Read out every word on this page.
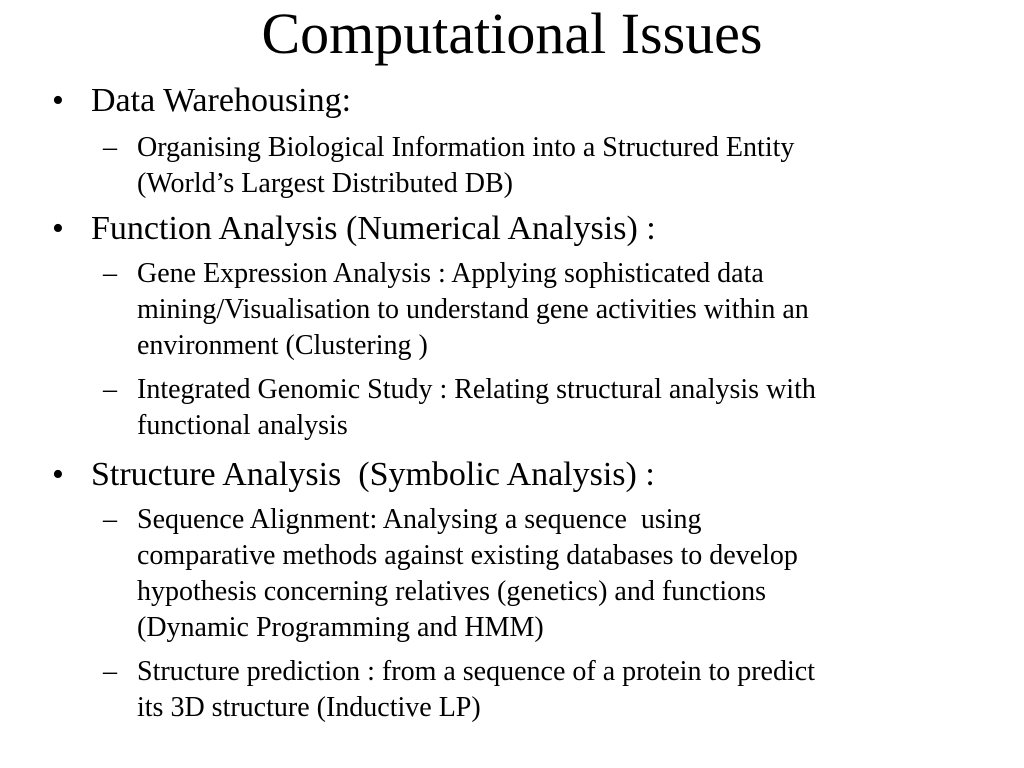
Computational Issues
• Data Warehousing:
– Organising Biological Information into a Structured Entity
(World’s Largest Distributed DB)
• Function Analysis (Numerical Analysis) :
– Gene Expression Analysis : Applying sophisticated data
mining/Visualisation to understand gene activities within an
environment (Clustering )
– Integrated Genomic Study : Relating structural analysis with
functional analysis
• Structure Analysis  (Symbolic Analysis) :
– Sequence Alignment: Analysing a sequence  using
comparative methods against existing databases to develop
hypothesis concerning relatives (genetics) and functions
(Dynamic Programming and HMM)
– Structure prediction : from a sequence of a protein to predict
its 3D structure (Inductive LP)
